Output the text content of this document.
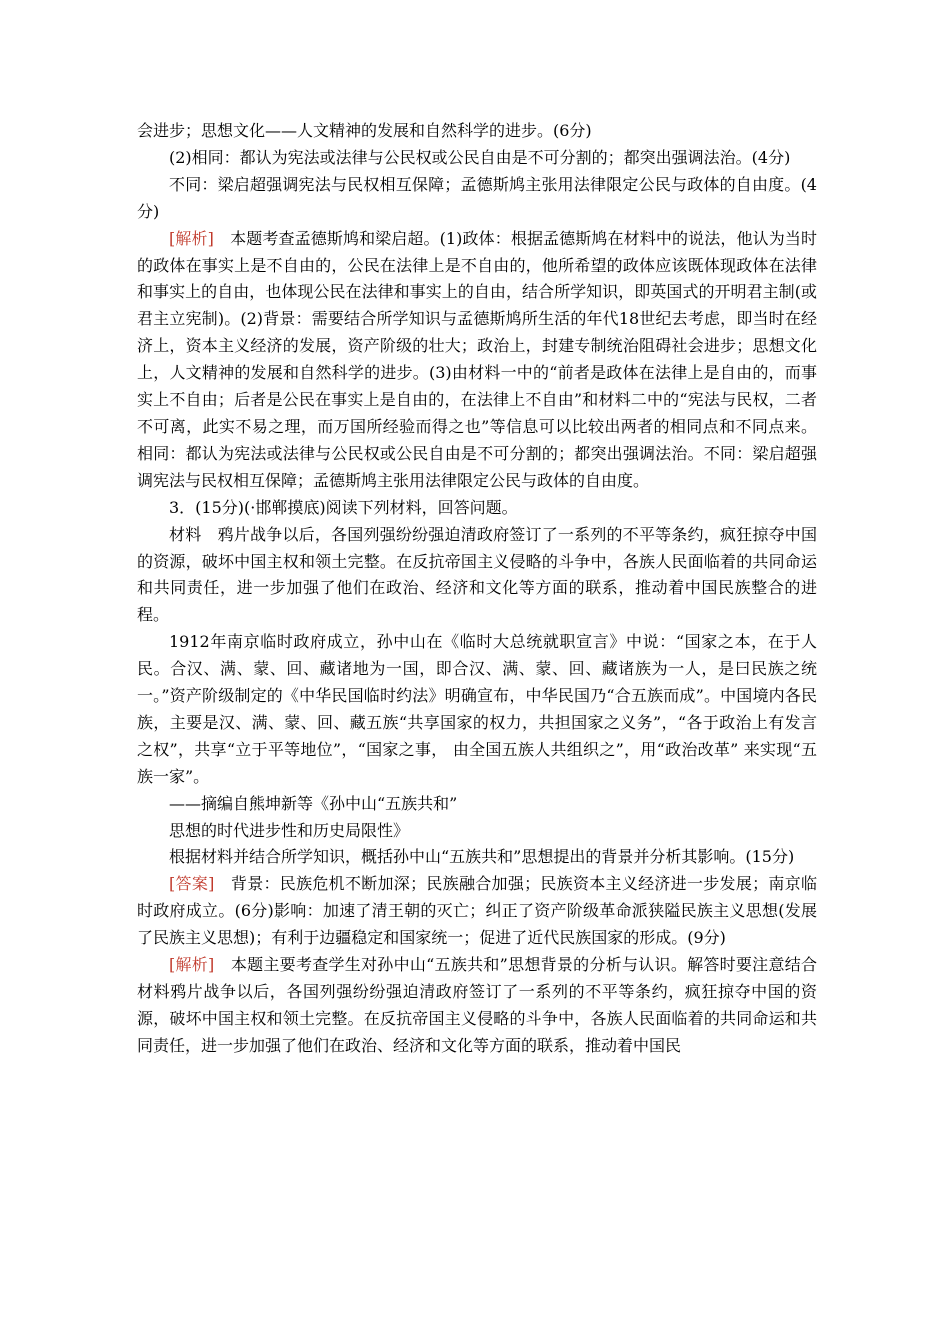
会进步；思想文化——人文精神的发展和自然科学的进步。(6分)

(2)相同：都认为宪法或法律与公民权或公民自由是不可分割的；都突出强调法治。(4分)

不同：梁启超强调宪法与民权相互保障；孟德斯鸠主张用法律限定公民与政体的自由度。(4分)

[解析]　本题考查孟德斯鸠和梁启超。(1)政体：根据孟德斯鸠在材料中的说法，他认为当时的政体在事实上是不自由的，公民在法律上是不自由的，他所希望的政体应该既体现政体在法律和事实上的自由，也体现公民在法律和事实上的自由，结合所学知识，即英国式的开明君主制(或君主立宪制)。(2)背景：需要结合所学知识与孟德斯鸠所生活的年代18世纪去考虑，即当时在经济上，资本主义经济的发展，资产阶级的壮大；政治上，封建专制统治阻碍社会进步；思想文化上，人文精神的发展和自然科学的进步。(3)由材料一中的“前者是政体在法律上是自由的，而事实上不自由；后者是公民在事实上是自由的，在法律上不自由”和材料二中的“宪法与民权，二者不可离，此实不易之理，而万国所经验而得之也”等信息可以比较出两者的相同点和不同点来。相同：都认为宪法或法律与公民权或公民自由是不可分割的；都突出强调法治。不同：梁启超强调宪法与民权相互保障；孟德斯鸠主张用法律限定公民与政体的自由度。

3．(15分)(·邯郸摸底)阅读下列材料，回答问题。

材料　鸦片战争以后，各国列强纷纷强迫清政府签订了一系列的不平等条约，疯狂掠夺中国的资源，破坏中国主权和领土完整。在反抗帝国主义侵略的斗争中，各族人民面临着的共同命运和共同责任，进一步加强了他们在政治、经济和文化等方面的联系，推动着中国民族整合的进程。

1912年南京临时政府成立，孙中山在《临时大总统就职宣言》中说：“国家之本，在于人民。合汉、满、蒙、回、藏诸地为一国，即合汉、满、蒙、回、藏诸族为一人，是曰民族之统一。”资产阶级制定的《中华民国临时约法》明确宣布，中华民国乃“合五族而成”。中国境内各民族，主要是汉、满、蒙、回、藏五族“共享国家的权力，共担国家之义务”，“各于政治上有发言之权”，共享“立于平等地位”，“国家之事， 由全国五族人共组织之”，用“政治改革” 来实现“五族一家”。

——摘编自熊坤新等《孙中山“五族共和”

思想的时代进步性和历史局限性》

根据材料并结合所学知识，概括孙中山“五族共和”思想提出的背景并分析其影响。(15分)

[答案]　背景：民族危机不断加深；民族融合加强；民族资本主义经济进一步发展；南京临时政府成立。(6分)影响：加速了清王朝的灭亡；纠正了资产阶级革命派狭隘民族主义思想(发展了民族主义思想)；有利于边疆稳定和国家统一；促进了近代民族国家的形成。(9分)

[解析]　本题主要考查学生对孙中山“五族共和”思想背景的分析与认识。解答时要注意结合材料鸦片战争以后，各国列强纷纷强迫清政府签订了一系列的不平等条约，疯狂掠夺中国的资源，破坏中国主权和领土完整。在反抗帝国主义侵略的斗争中，各族人民面临着的共同命运和共同责任，进一步加强了他们在政治、经济和文化等方面的联系，推动着中国民
